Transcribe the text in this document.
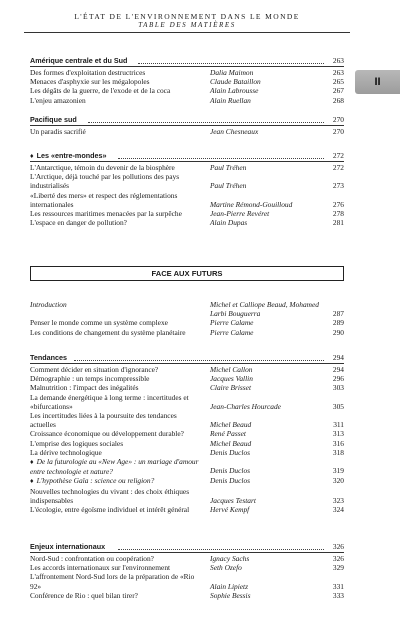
L'ÉTAT DE L'ENVIRONNEMENT DANS LE MONDE
TABLE DES MATIÈRES
II
Amérique centrale et du Sud	263
Des formes d'exploitation destructrices	Dalia Maimon	263
Menaces d'asphyxie sur les mégalopoles	Claude Bataillon	265
Les dégâts de la guerre, de l'exode et de la coca	Alain Labrousse	267
L'enjeu amazonien	Alain Ruellan	268
Pacifique sud	270
Un paradis sacrifié	Jean Chesneaux	270
♦ Les «entre-mondes»	272
L'Antarctique, témoin du devenir de la biosphère	Paul Tréhen	272
L'Arctique, déjà touché par les pollutions des pays industrialisés	Paul Tréhen	273
«Liberté des mers» et respect des réglementations internationales	Martine Rémond-Gouilloud	276
Les ressources maritimes menacées par la surpêche	Jean-Pierre Revéret	278
L'espace en danger de pollution?	Alain Dupas	281
FACE AUX FUTURS
Introduction	Michel et Calliope Beaud, Mohamed Larbi Bouguerra	287
Penser le monde comme un système complexe	Pierre Calame	289
Les conditions de changement du système planétaire	Pierre Calame	290
Tendances	294
Comment décider en situation d'ignorance?	Michel Callon	294
Démographie : un temps incompressible	Jacques Vallin	296
Malnutrition : l'impact des inégalités	Claire Brisset	303
La demande énergétique à long terme : incertitudes et «bifurcations»	Jean-Charles Hourcade	305
Les incertitudes liées à la poursuite des tendances actuelles	Michel Beaud	311
Croissance économique ou développement durable?	René Passet	313
L'emprise des logiques sociales	Michel Beaud	316
La dérive technologique	Denis Duclos	318
♦ De la futurologie au «New Age» : un mariage d'amour entre technologie et nature?	Denis Duclos	319
♦ L'hypothèse Gaïa : science ou religion?	Denis Duclos	320
Nouvelles technologies du vivant : des choix éthiques indispensables	Jacques Testart	323
L'écologie, entre égoïsme individuel et intérêt général	Hervé Kempf	324
Enjeux internationaux	326
Nord-Sud : confrontation ou coopération?	Ignacy Sachs	326
Les accords internationaux sur l'environnement	Seth Ozefo	329
L'affrontement Nord-Sud lors de la préparation de «Rio 92»	Alain Lipietz	331
Conférence de Rio : quel bilan tirer?	Sophie Bessis	333
